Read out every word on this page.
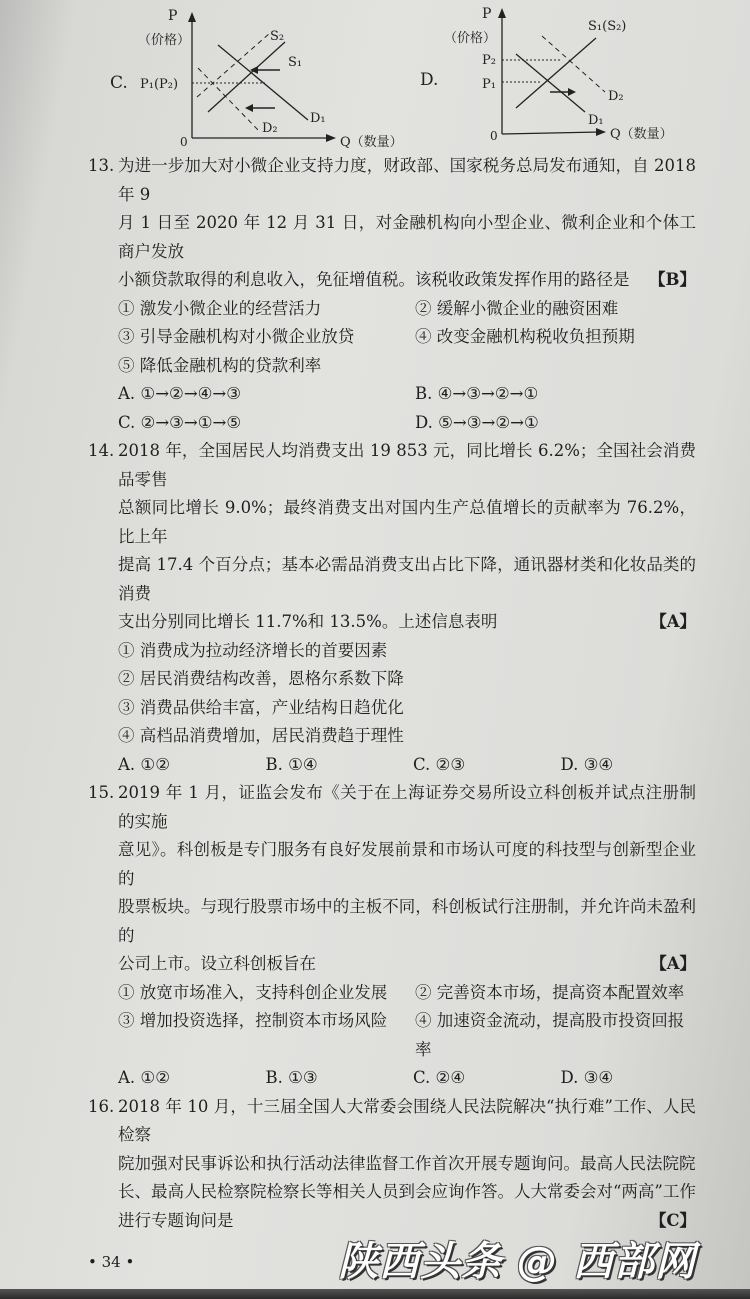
C.
P
（价格）
0	Q（数量）
P₁(P₂)
S₂
S₁
D₁
D₂
D.
P
（价格）
0	Q（数量）
P₂
P₁
S₁(S₂)
D₂
D₁
13. 为进一步加大对小微企业支持力度，财政部、国家税务总局发布通知，自 2018 年 9
月 1 日至 2020 年 12 月 31 日，对金融机构向小型企业、微利企业和个体工商户发放
小额贷款取得的利息收入，免征增值税。该税收政策发挥作用的路径是	【B】
① 激发小微企业的经营活力	② 缓解小微企业的融资困难
③ 引导金融机构对小微企业放贷	④ 改变金融机构税收负担预期
⑤ 降低金融机构的贷款利率
A. ①→②→④→③	B. ④→③→②→①
C. ②→③→①→⑤	D. ⑤→③→②→①
14. 2018 年，全国居民人均消费支出 19 853 元，同比增长 6.2%；全国社会消费品零售
总额同比增长 9.0%；最终消费支出对国内生产总值增长的贡献率为 76.2%，比上年
提高 17.4 个百分点；基本必需品消费支出占比下降，通讯器材类和化妆品类的消费
支出分别同比增长 11.7%和 13.5%。上述信息表明	【A】
① 消费成为拉动经济增长的首要因素
② 居民消费结构改善，恩格尔系数下降
③ 消费品供给丰富，产业结构日趋优化
④ 高档品消费增加，居民消费趋于理性
A. ①②	B. ①④	C. ②③	D. ③④
15. 2019 年 1 月，证监会发布《关于在上海证券交易所设立科创板并试点注册制的实施
意见》。科创板是专门服务有良好发展前景和市场认可度的科技型与创新型企业的
股票板块。与现行股票市场中的主板不同，科创板试行注册制，并允许尚未盈利的
公司上市。设立科创板旨在	【A】
① 放宽市场准入，支持科创企业发展	② 完善资本市场，提高资本配置效率
③ 增加投资选择，控制资本市场风险	④ 加速资金流动，提高股市投资回报率
A. ①②	B. ①③	C. ②④	D. ③④
16. 2018 年 10 月，十三届全国人大常委会围绕人民法院解决“执行难”工作、人民检察
院加强对民事诉讼和执行活动法律监督工作首次开展专题询问。最高人民法院院
长、最高人民检察院检察长等相关人员到会应询作答。人大常委会对“两高”工作
进行专题询问是	【C】
• 34 •	陕西头条 @ 西部网
